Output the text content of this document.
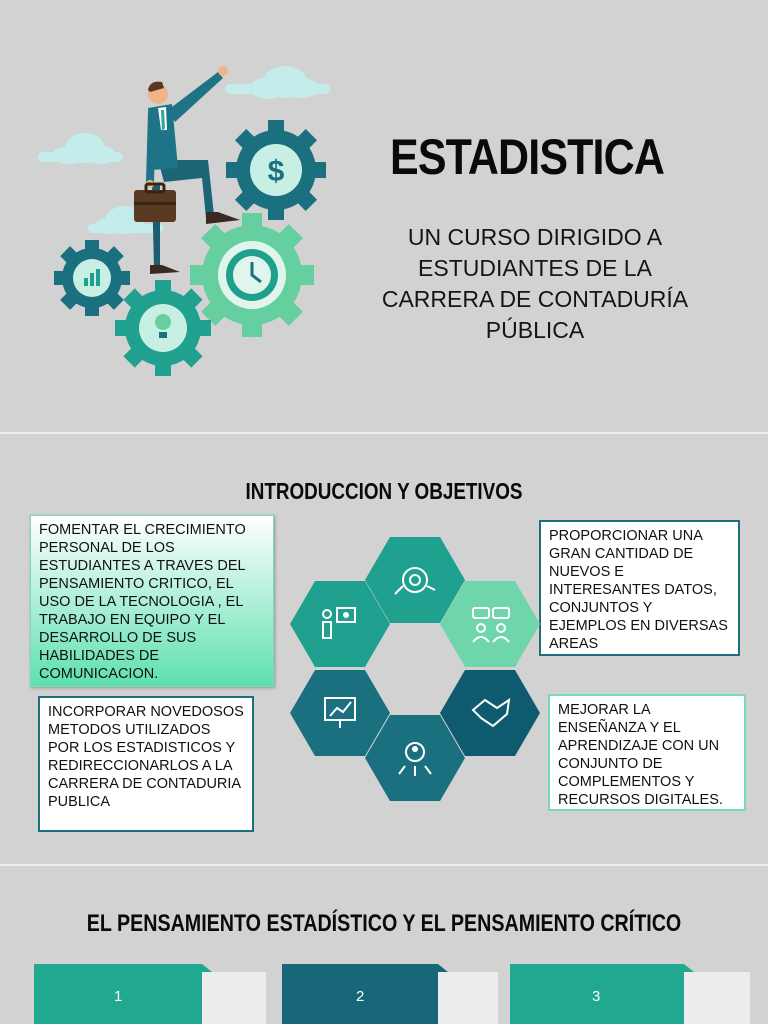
$ ESTADISTICA
UN CURSO DIRIGIDO A ESTUDIANTES DE LA CARRERA DE CONTADURÍA PÚBLICA
INTRODUCCION Y OBJETIVOS
FOMENTAR EL CRECIMIENTO PERSONAL DE LOS ESTUDIANTES A TRAVES DEL PENSAMIENTO CRITICO, EL USO DE LA TECNOLOGIA , EL TRABAJO EN EQUIPO Y EL DESARROLLO DE SUS HABILIDADES DE COMUNICACION.
INCORPORAR NOVEDOSOS METODOS UTILIZADOS POR LOS ESTADISTICOS Y REDIRECCIONARLOS A LA CARRERA DE CONTADURIA PUBLICA
PROPORCIONAR UNA GRAN CANTIDAD DE NUEVOS E INTERESANTES DATOS, CONJUNTOS Y EJEMPLOS EN DIVERSAS AREAS
MEJORAR LA ENSEÑANZA Y EL APRENDIZAJE CON UN CONJUNTO DE COMPLEMENTOS Y RECURSOS DIGITALES.
EL PENSAMIENTO ESTADÍSTICO Y EL PENSAMIENTO CRÍTICO
1	2	3
